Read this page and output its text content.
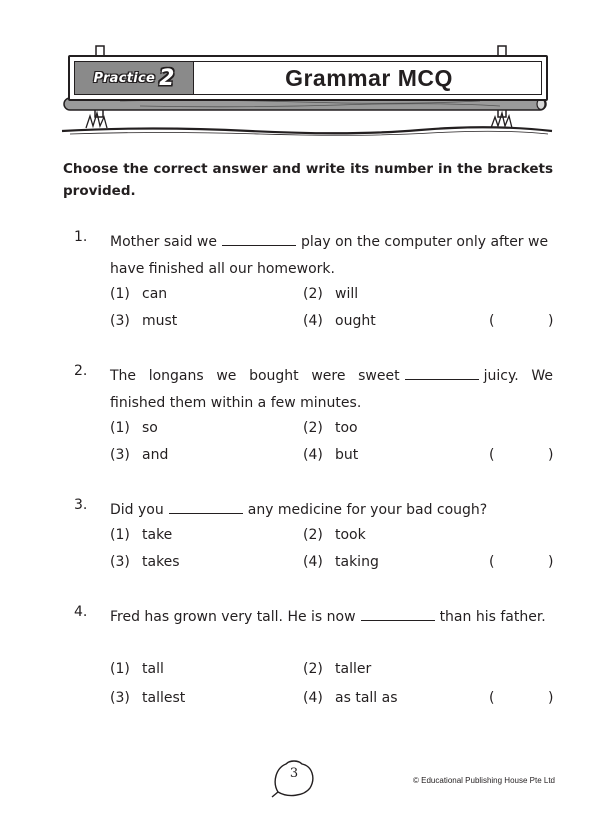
Practice 2	Grammar MCQ

Choose the correct answer and write its number in the brackets provided.

1. Mother said we	play on the computer only after we have finished all our homework.

(1) can	(2) will
(3) must	(4) ought	(	)
2. The longans we bought were sweet	juicy. We finished them within a few minutes.

(1) so	(2) too
(3) and	(4) but	(	)
3. Did you	any medicine for your bad cough?

(1) take	(2) took
(3) takes	(4) taking	(	)
4. Fred has grown very tall. He is now	than his father.

(1) tall	(2) taller
(3) tallest	(4) as tall as	(	)
3	© Educational Publishing House Pte Ltd
